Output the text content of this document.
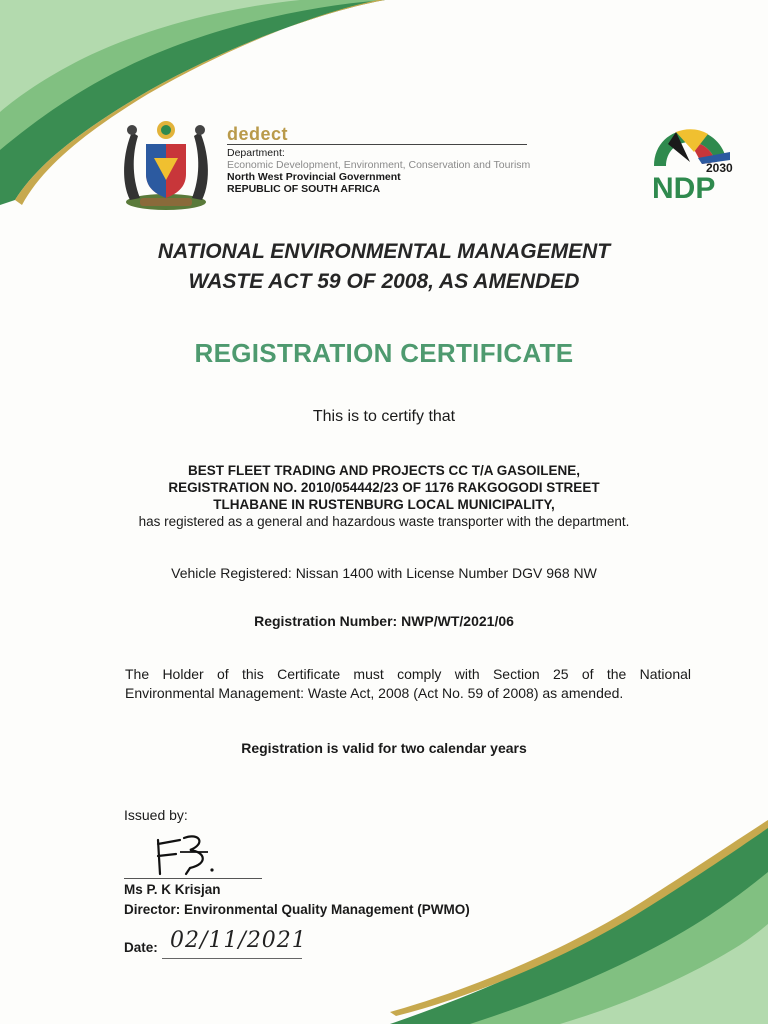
dedect
Department:
Economic Development, Environment, Conservation and Tourism
North West Provincial Government
REPUBLIC OF SOUTH AFRICA
2030
NDP
NATIONAL ENVIRONMENTAL MANAGEMENT
WASTE ACT 59 OF 2008, AS AMENDED
REGISTRATION CERTIFICATE
This is to certify that
BEST FLEET TRADING AND PROJECTS CC T/A GASOILENE,
REGISTRATION NO. 2010/054442/23 OF 1176 RAKGOGODI STREET
TLHABANE IN RUSTENBURG LOCAL MUNICIPALITY,
has registered as a general and hazardous waste transporter with the department.
Vehicle Registered: Nissan 1400 with License Number DGV 968 NW
Registration Number: NWP/WT/2021/06

The Holder of this Certificate must comply with Section 25 of the National

Environmental Management: Waste Act, 2008 (Act No. 59 of 2008) as amended.

Registration is valid for two calendar years
Issued by:
Ms P. K Krisjan
Director: Environmental Quality Management (PWMO)
Date: 02/11/2021
